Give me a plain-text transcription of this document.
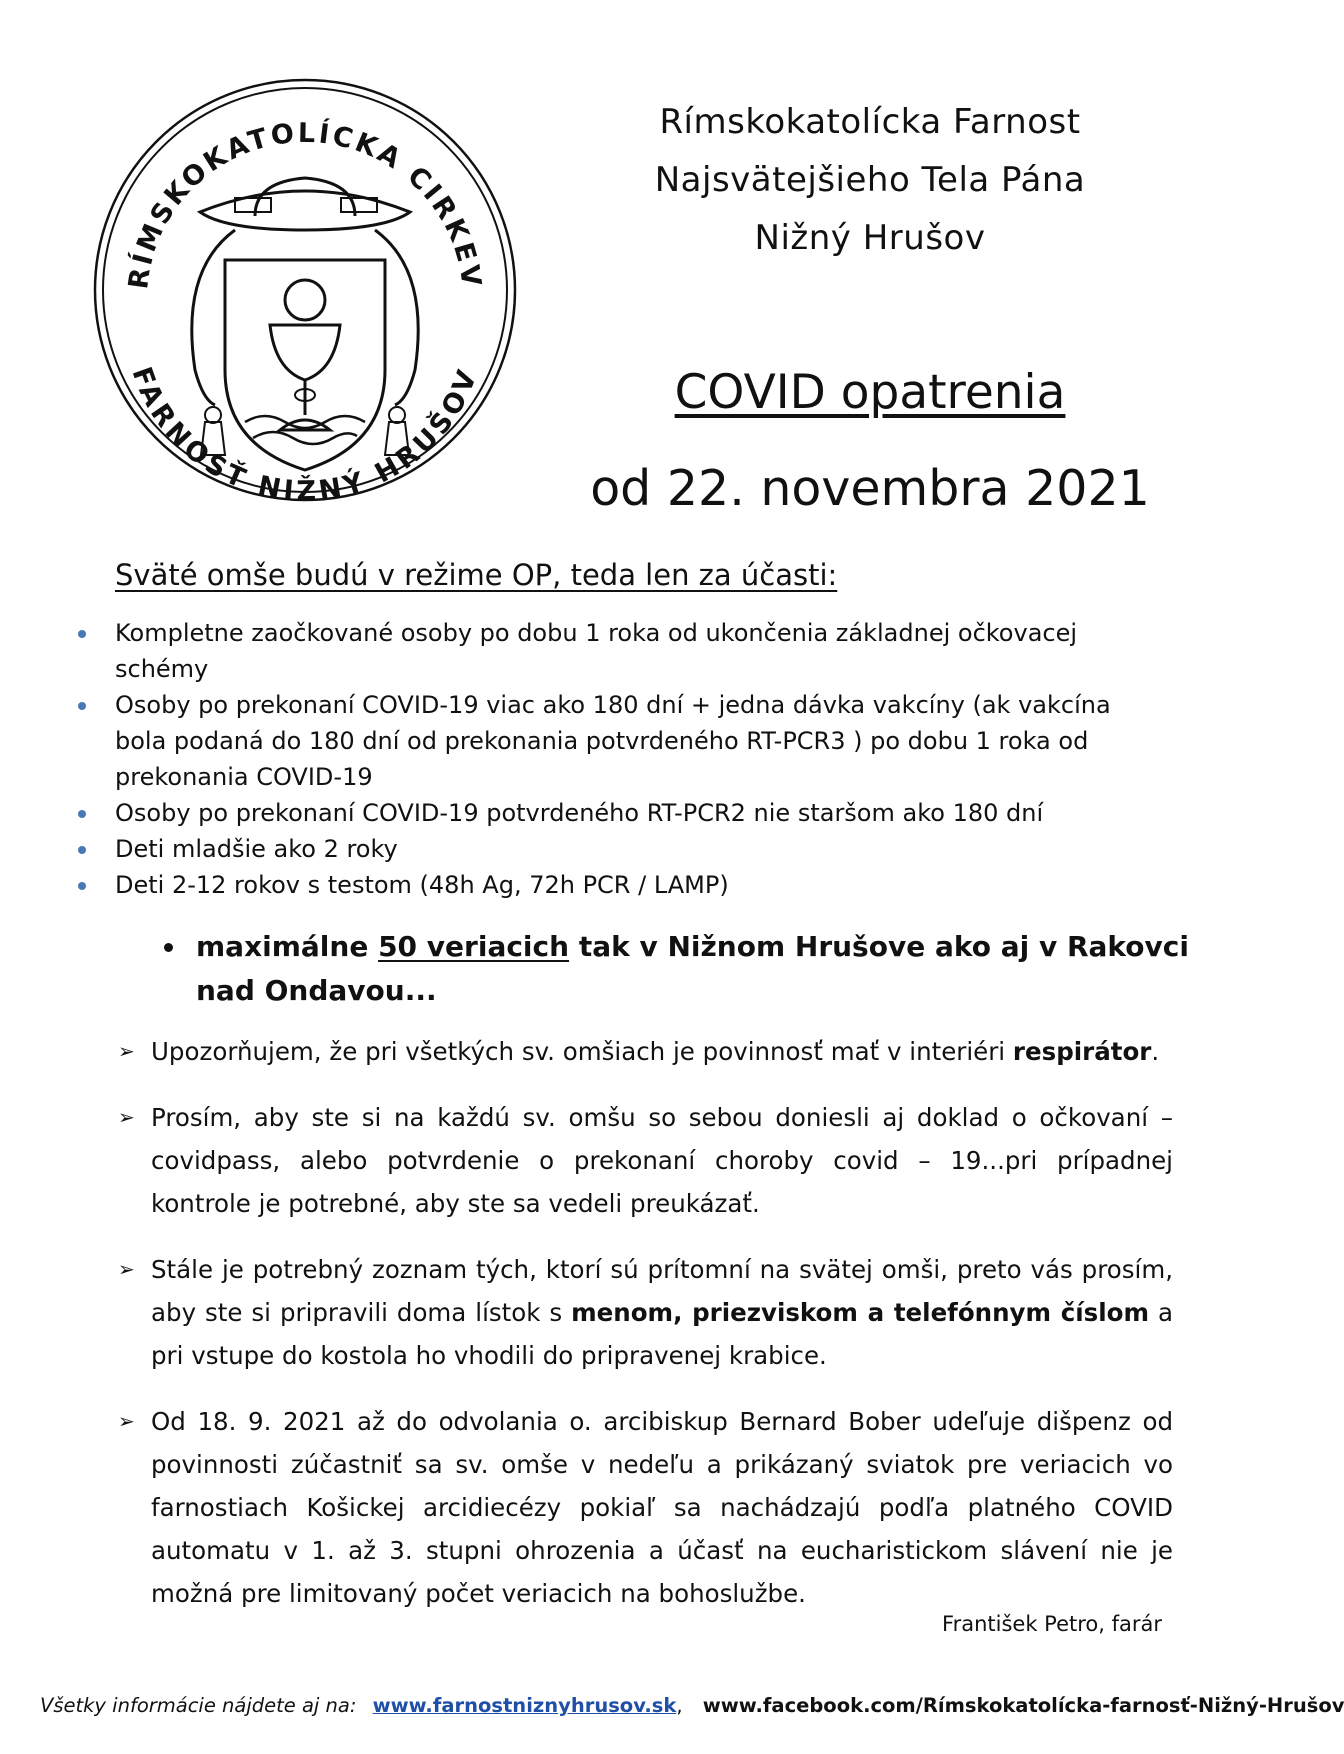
RÍMSKOKATOLÍCKA CIRKEV
FARNOSŤ NIŽNÝ HRUŠOV
Rímskokatolícka Farnost
Najsvätejšieho Tela Pána
Nižný Hrušov
COVID opatrenia
od 22. novembra 2021
Sväté omše budú v režime OP, teda len za účasti:
Kompletne zaočkované osoby po dobu 1 roka od ukončenia základnej očkovacej schémy
Osoby po prekonaní COVID-19 viac ako 180 dní + jedna dávka vakcíny (ak vakcína bola podaná do 180 dní od prekonania potvrdeného RT-PCR3 ) po dobu 1 roka od prekonania COVID-19
Osoby po prekonaní COVID-19 potvrdeného RT-PCR2 nie staršom ako 180 dní
Deti mladšie ako 2 roky
Deti 2-12 rokov s testom (48h Ag, 72h PCR / LAMP)
maximálne 50 veriacich tak v Nižnom Hrušove ako aj v Rakovci nad Ondavou...
➢ Upozorňujem, že pri všetkých sv. omšiach je povinnosť mať v interiéri respirátor.
➢ Prosím, aby ste si na každú sv. omšu so sebou doniesli aj doklad o očkovaní – covidpass, alebo potvrdenie o prekonaní choroby covid – 19...pri prípadnej kontrole je potrebné, aby ste sa vedeli preukázať.
➢ Stále je potrebný zoznam tých, ktorí sú prítomní na svätej omši, preto vás prosím, aby ste si pripravili doma lístok s menom, priezviskom a telefónnym číslom a pri vstupe do kostola ho vhodili do pripravenej krabice.
➢ Od 18. 9. 2021 až do odvolania o. arcibiskup Bernard Bober udeľuje dišpenz od povinnosti zúčastniť sa sv. omše v nedeľu a prikázaný sviatok pre veriacich vo farnostiach Košickej arcidiecézy pokiaľ sa nachádzajú podľa platného COVID automatu v 1. až 3. stupni ohrozenia a účasť na eucharistickom slávení nie je možná pre limitovaný počet veriacich na bohoslužbe.
František Petro, farár
Všetky informácie nájdete aj na: www.farnostniznyhrusov.sk, www.facebook.com/Rímskokatolícka-farnosť-Nižný-Hrušov
